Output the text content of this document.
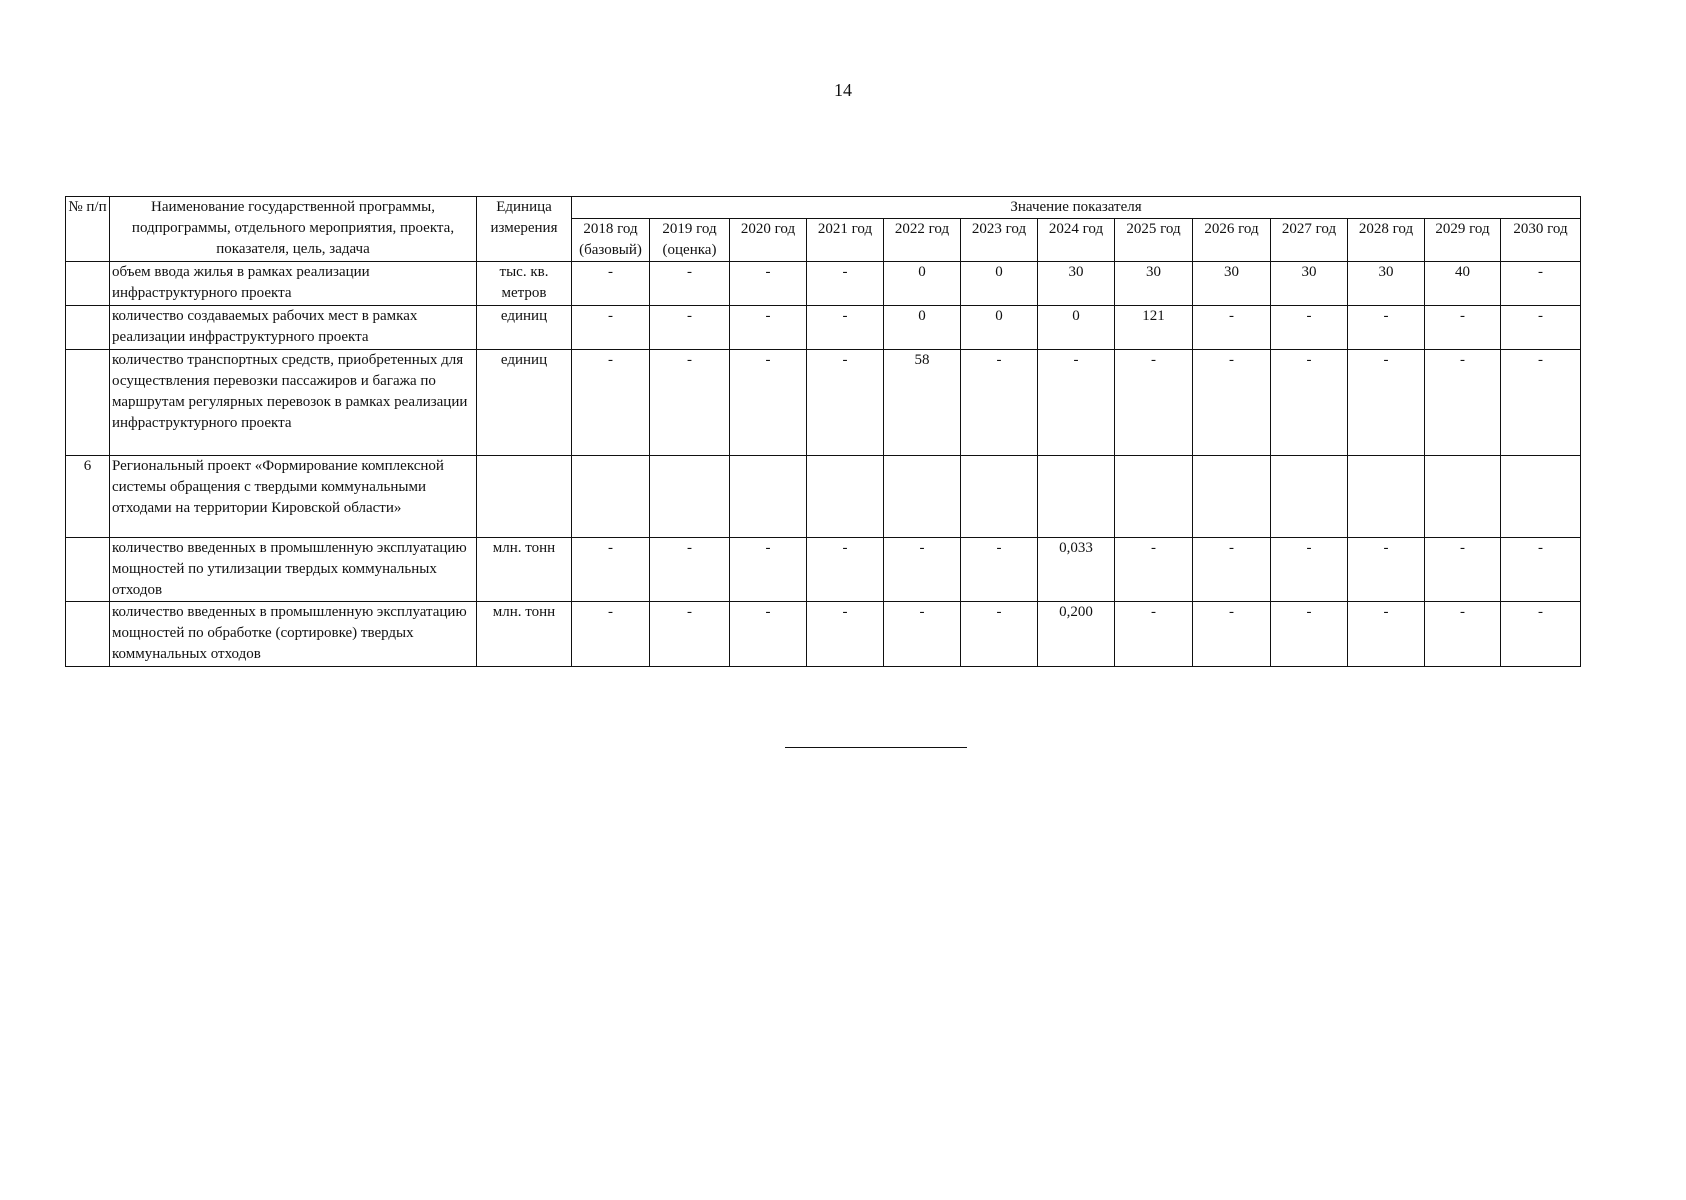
14
№ п/п	Наименование государственной программы, подпрограммы, отдельного мероприятия, проекта, показателя, цель, задача	Единица измерения	Значение показателя												
			2018 год (базовый)	2019 год (оценка)	2020 год	2021 год	2022 год	2023 год	2024 год	2025 год	2026 год	2027 год	2028 год	2029 год	2030 год
	объем ввода жилья в рамках реализации инфраструктурного проекта	тыс. кв. метров	-	-	-	-	0	0	30	30	30	30	30	40	-
	количество создаваемых рабочих мест в рамках реализации инфраструктурного проекта	единиц	-	-	-	-	0	0	0	121	-	-	-	-	-
	количество транспортных средств, приобретенных для осуществления перевозки пассажиров и багажа по маршрутам регулярных перевозок в рамках реализации инфраструктурного проекта	единиц	-	-	-	-	58	-	-	-	-	-	-	-	-
6	Региональный проект «Формирование комплексной системы обращения с твердыми коммунальными отходами на территории Кировской области»														
	количество введенных в промышленную эксплуатацию мощностей по утилизации твердых коммунальных отходов	млн. тонн	-	-	-	-	-	-	0,033	-	-	-	-	-	-
	количество введенных в промышленную эксплуатацию мощностей по обработке (сортировке) твердых коммунальных отходов	млн. тонн	-	-	-	-	-	-	0,200	-	-	-	-	-	-
